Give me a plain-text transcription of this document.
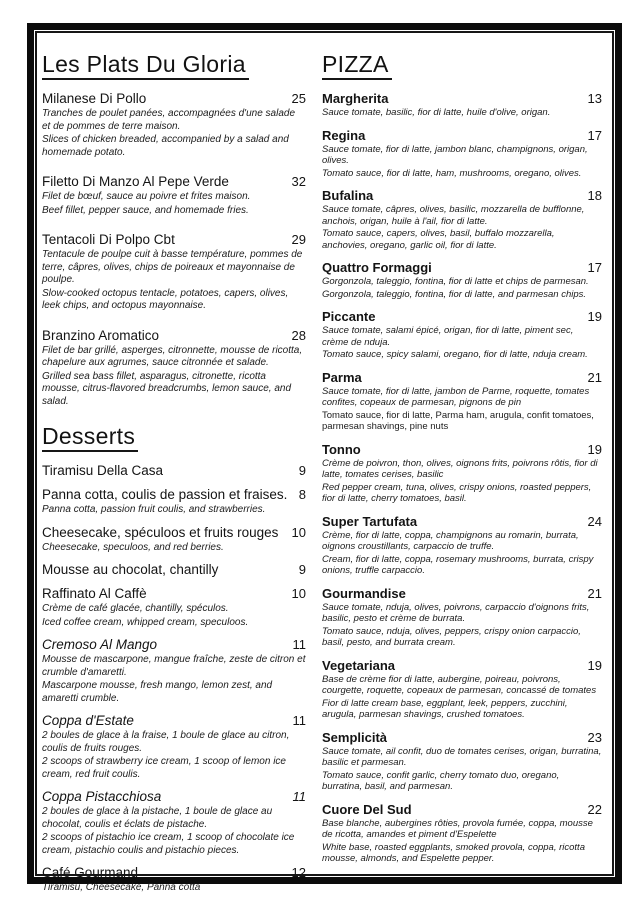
Les Plats Du Gloria
Milanese Di Pollo	25
Tranches de poulet panées, accompagnées d'une salade et de pommes de terre maison.
Slices of chicken breaded, accompanied by a salad and homemade potato.
Filetto Di Manzo Al Pepe Verde	32
Filet de bœuf, sauce au poivre et frites maison.
Beef fillet, pepper sauce, and homemade fries.
Tentacoli Di Polpo Cbt	29
Tentacule de poulpe cuit à basse température, pommes de terre, câpres, olives, chips de poireaux et mayonnaise de poulpe.
Slow-cooked octopus tentacle, potatoes, capers, olives, leek chips, and octopus mayonnaise.
Branzino Aromatico	28
Filet de bar grillé, asperges, citronnette, mousse de ricotta, chapelure aux agrumes, sauce citronnée et salade.
Grilled sea bass fillet, asparagus, citronette, ricotta mousse, citrus-flavored breadcrumbs, lemon sauce, and salad.
Desserts
Tiramisu Della Casa	9
Panna cotta, coulis de passion et fraises. 8
Panna cotta, passion fruit coulis, and strawberries.
Cheesecake, spéculoos et fruits rouges 10
Cheesecake, speculoos, and red berries.
Mousse au chocolat, chantilly	9
Raffinato Al Caffè	10
Crème de café glacée, chantilly, spéculos.
Iced coffee cream, whipped cream, speculoos.
Cremoso Al Mango	11
Mousse de mascarpone, mangue fraîche, zeste de citron et crumble d'amaretti.
Mascarpone mousse, fresh mango, lemon zest, and amaretti crumble.
Coppa d'Estate	11
2 boules de glace à la fraise, 1 boule de glace au citron, coulis de fruits rouges.
2 scoops of strawberry ice cream, 1 scoop of lemon ice cream, red fruit coulis.
Coppa Pistacchiosa	11
2 boules de glace à la pistache, 1 boule de glace au chocolat, coulis et éclats de pistache.
2 scoops of pistachio ice cream, 1 scoop of chocolate ice cream, pistachio coulis and pistachio pieces.
Café Gourmand	12
Tiramisu, Cheesecake, Panna cotta
PIZZA
Margherita	13
Sauce tomate, basilic, fior di latte, huile d'olive, origan.
Regina	17
Sauce tomate, fior di latte, jambon blanc, champignons, origan, olives.
Tomato sauce, fior di latte, ham, mushrooms, oregano, olives.
Bufalina	18
Sauce tomate, câpres, olives, basilic, mozzarella de bufflonne, anchois, origan, huile à l'ail, fior di latte.
Tomato sauce, capers, olives, basil, buffalo mozzarella, anchovies, oregano, garlic oil, fior di latte.
Quattro Formaggi	17
Gorgonzola, taleggio, fontina, fior di latte et chips de parmesan.
Gorgonzola, taleggio, fontina, fior di latte, and parmesan chips.
Piccante	19
Sauce tomate, salami épicé, origan, fior di latte, piment sec, crème de nduja.
Tomato sauce, spicy salami, oregano, fior di latte, nduja cream.
Parma	21
Sauce tomate, fior di latte, jambon de Parme, roquette, tomates confites, copeaux de parmesan, pignons de pin
Tomato sauce, fior di latte, Parma ham, arugula, confit tomatoes, parmesan shavings, pine nuts
Tonno	19
Crème de poivron, thon, olives, oignons frits, poivrons rôtis, fior di latte, tomates cerises, basilic
Red pepper cream, tuna, olives, crispy onions, roasted peppers, fior di latte, cherry tomatoes, basil.
Super Tartufata	24
Crème, fior di latte, coppa, champignons au romarin, burrata, oignons croustillants, carpaccio de truffe.
Cream, fior di latte, coppa, rosemary mushrooms, burrata, crispy onions, truffle carpaccio.
Gourmandise	21
Sauce tomate, nduja, olives, poivrons, carpaccio d'oignons frits, basilic, pesto et crème de burrata.
Tomato sauce, nduja, olives, peppers, crispy onion carpaccio, basil, pesto, and burrata cream.
Vegetariana	19
Base de crème fior di latte, aubergine, poireau, poivrons, courgette, roquette, copeaux de parmesan, concassé de tomates
Fior di latte cream base, eggplant, leek, peppers, zucchini, arugula, parmesan shavings, crushed tomatoes.
Semplicità	23
Sauce tomate, ail confit, duo de tomates cerises, origan, burratina, basilic et parmesan.
Tomato sauce, confit garlic, cherry tomato duo, oregano, burratina, basil, and parmesan.
Cuore Del Sud	22
Base blanche, aubergines rôties, provola fumée, coppa, mousse de ricotta, amandes et piment d'Espelette
White base, roasted eggplants, smoked provola, coppa, ricotta mousse, almonds, and Espelette pepper.
